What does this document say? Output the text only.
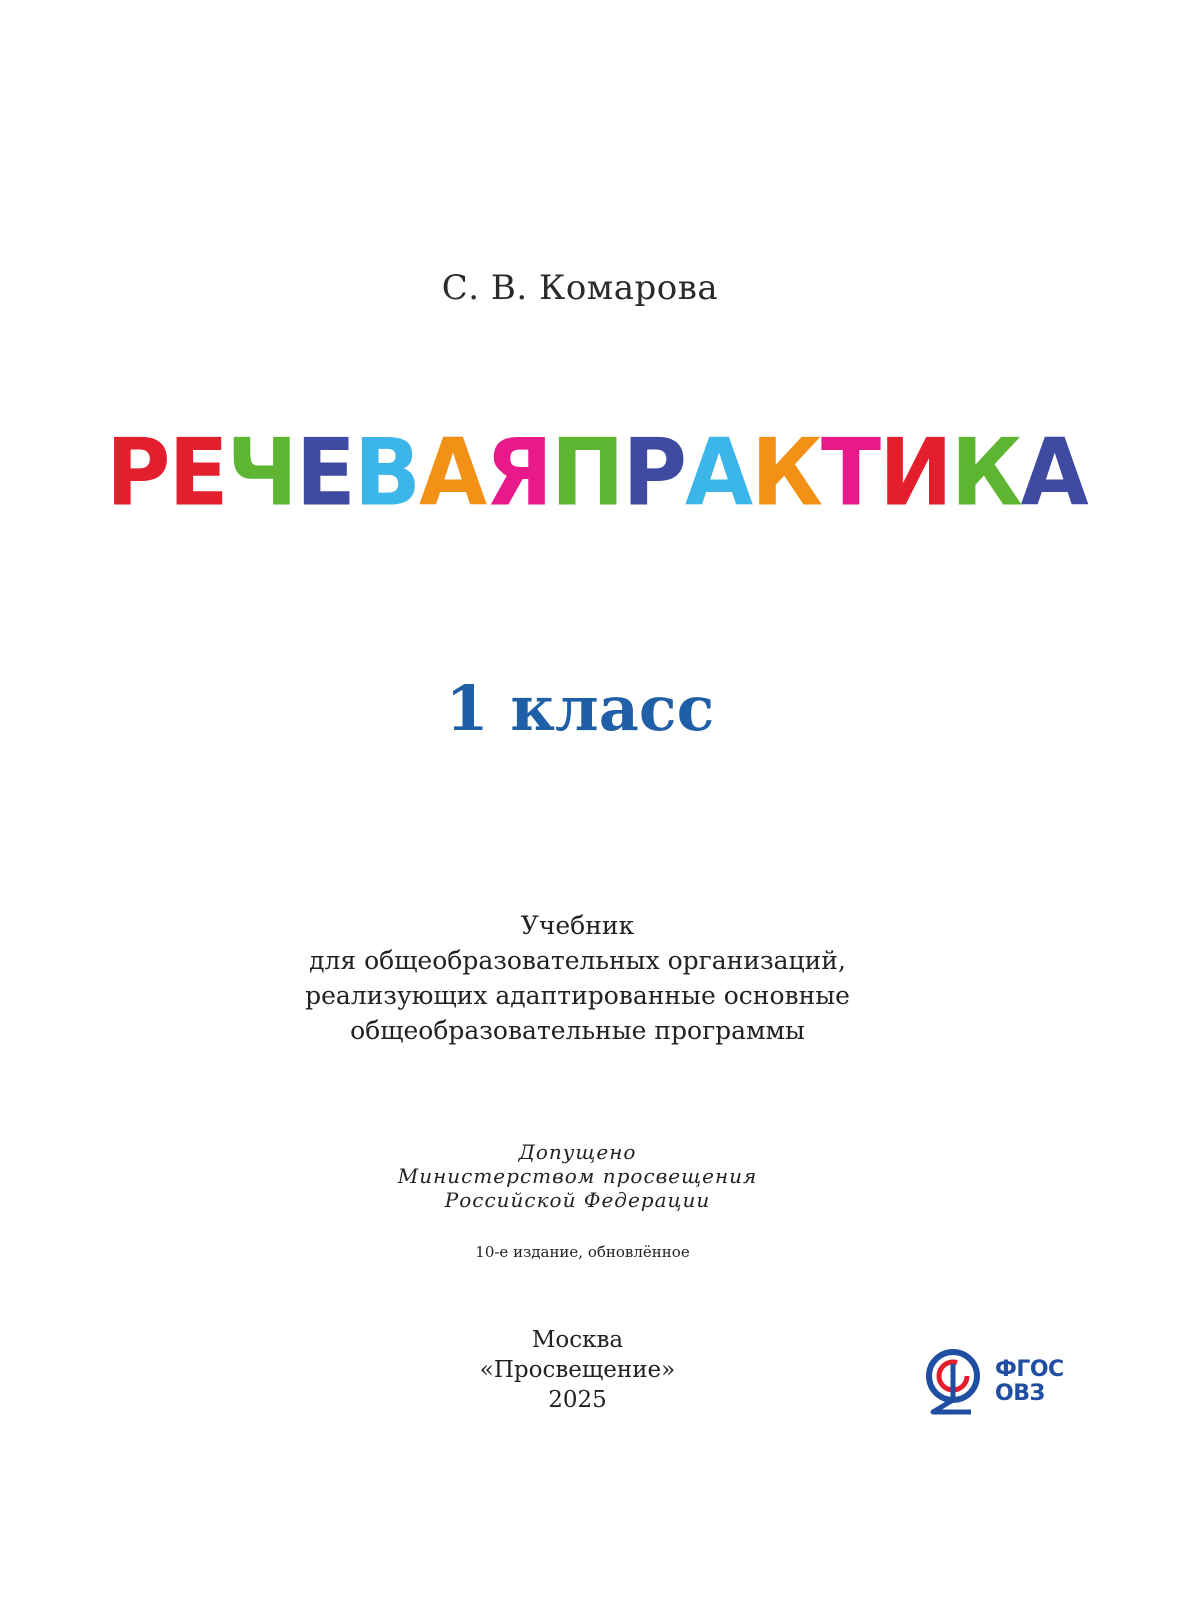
С. В. Комарова
Р Е Ч Е В А Я П Р А К Т И К А
1 класс
Учебник
для общеобразовательных организаций,
реализующих адаптированные основные
общеобразовательные программы
Допущено
Министерством просвещения
Российской Федерации
10-е издание, обновлённое
Москва
«Просвещение»
2025
ФГОС
ОВЗ
